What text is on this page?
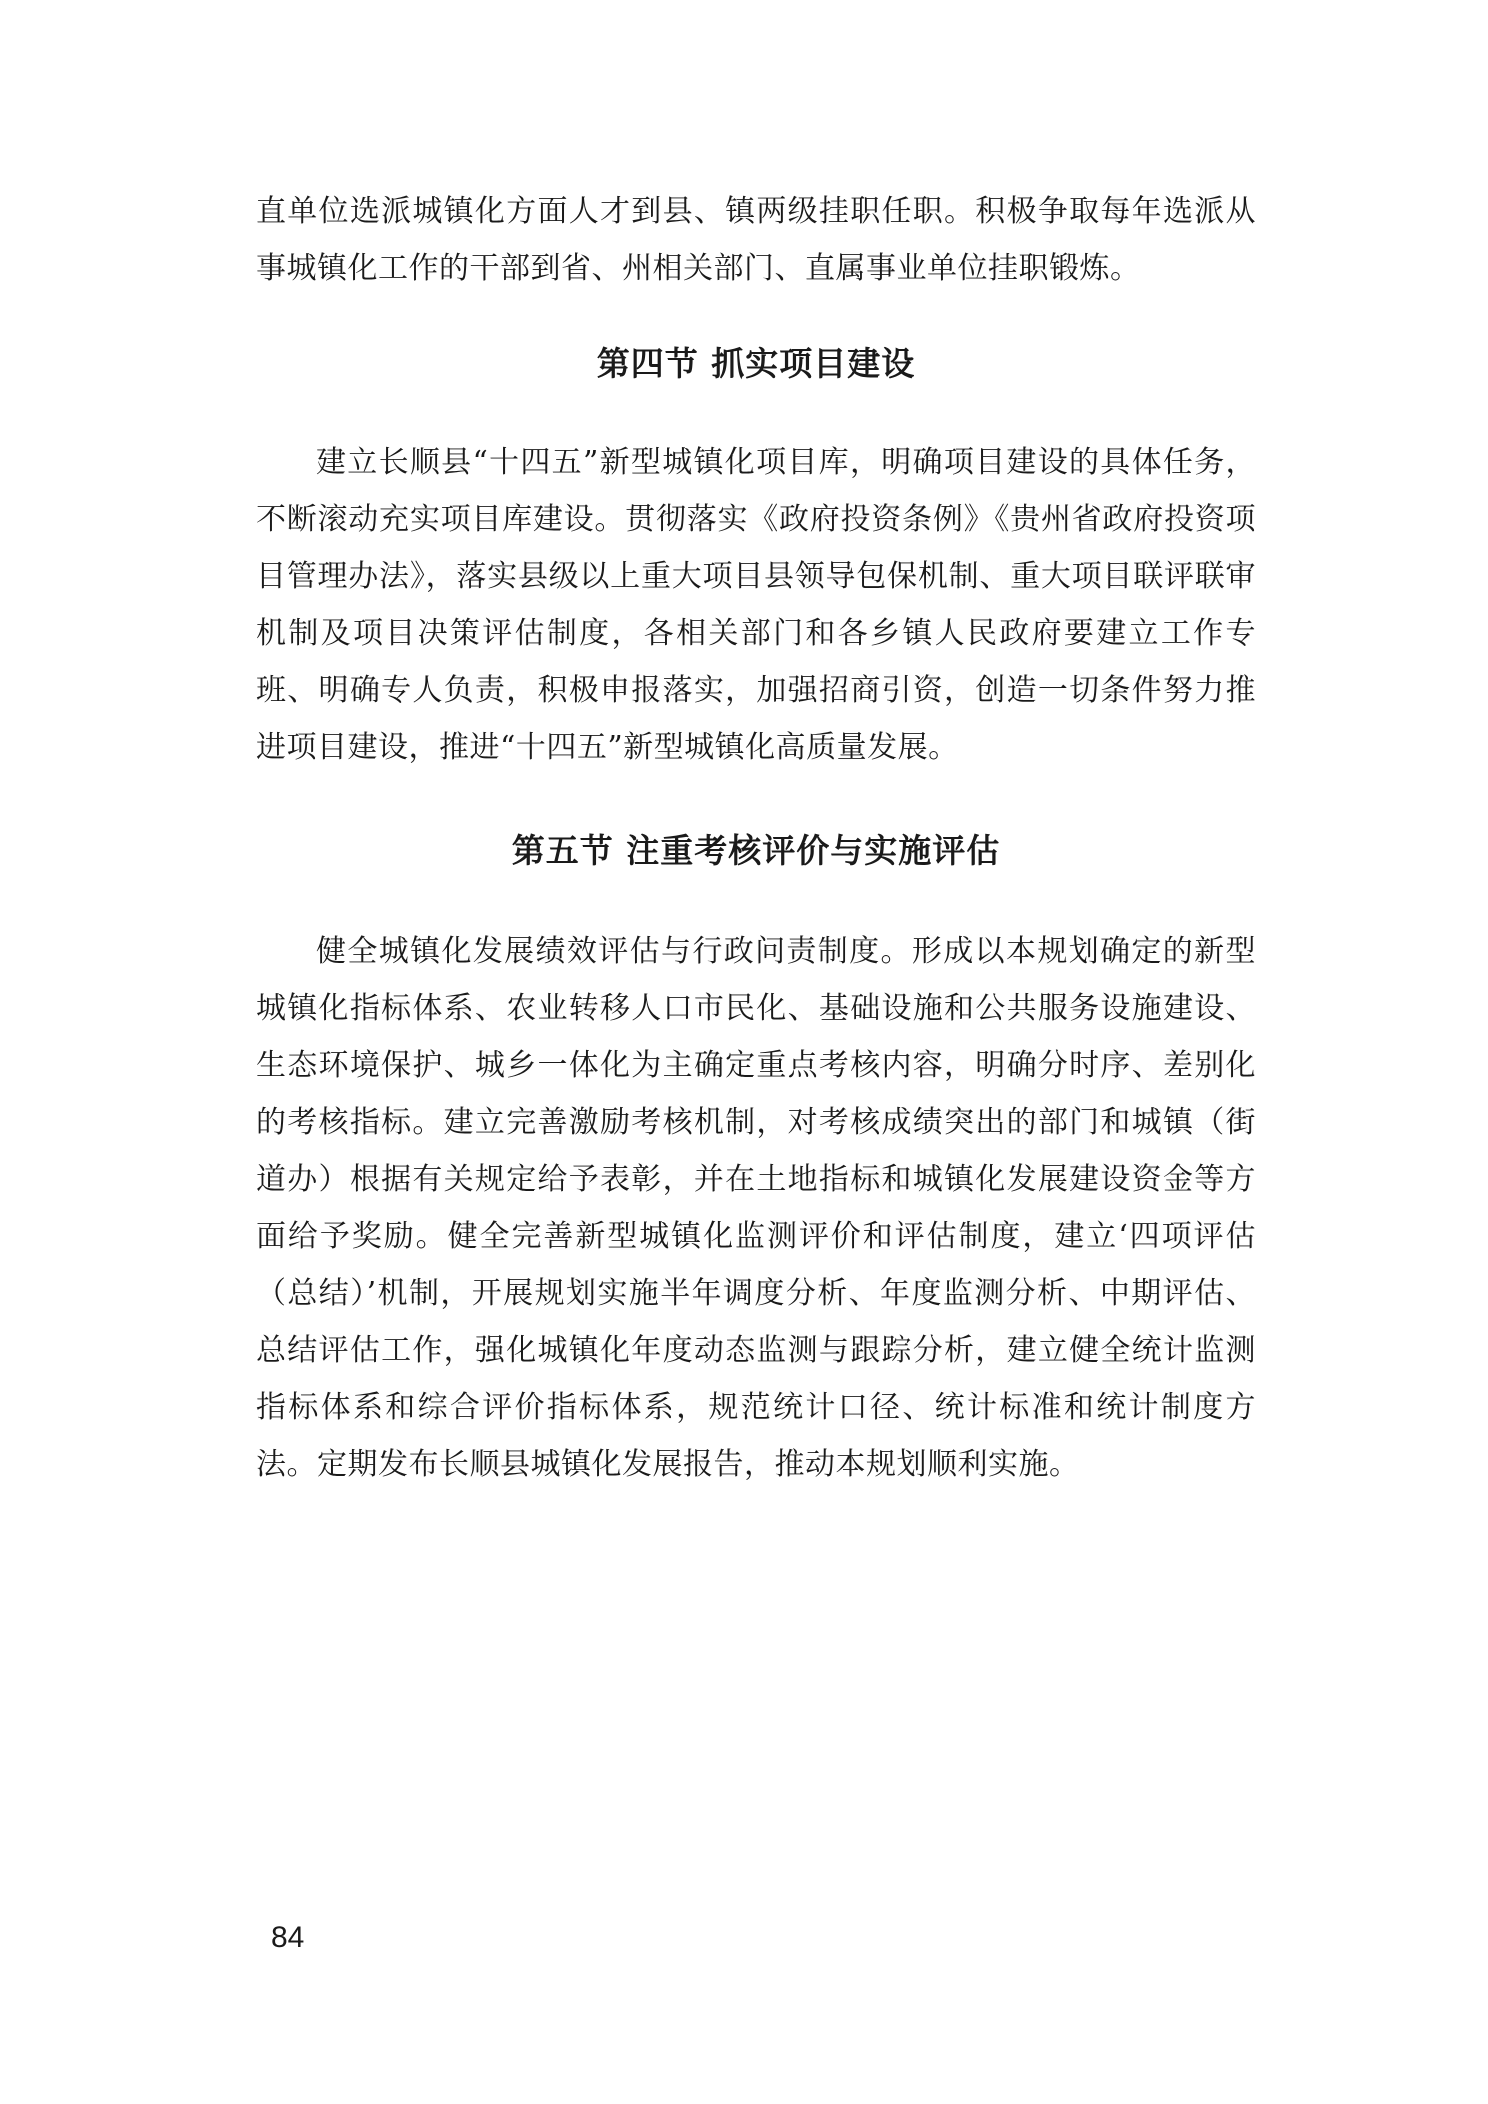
直单位选派城镇化方面人才到县、镇两级挂职任职。积极争取每年选派从事城镇化工作的干部到省、州相关部门、直属事业单位挂职锻炼。

第四节 抓实项目建设

建立长顺县“十四五”新型城镇化项目库，明确项目建设的具体任务，不断滚动充实项目库建设。贯彻落实《政府投资条例》《贵州省政府投资项目管理办法》，落实县级以上重大项目县领导包保机制、重大项目联评联审机制及项目决策评估制度，各相关部门和各乡镇人民政府要建立工作专班、明确专人负责，积极申报落实，加强招商引资，创造一切条件努力推进项目建设，推进“十四五”新型城镇化高质量发展。

第五节 注重考核评价与实施评估

健全城镇化发展绩效评估与行政问责制度。形成以本规划确定的新型城镇化指标体系、农业转移人口市民化、基础设施和公共服务设施建设、生态环境保护、城乡一体化为主确定重点考核内容，明确分时序、差别化的考核指标。建立完善激励考核机制，对考核成绩突出的部门和城镇（街道办）根据有关规定给予表彰，并在土地指标和城镇化发展建设资金等方面给予奖励。健全完善新型城镇化监测评价和评估制度，建立‘四项评估（总结）’机制，开展规划实施半年调度分析、年度监测分析、中期评估、总结评估工作，强化城镇化年度动态监测与跟踪分析，建立健全统计监测指标体系和综合评价指标体系，规范统计口径、统计标准和统计制度方法。定期发布长顺县城镇化发展报告，推动本规划顺利实施。

84
